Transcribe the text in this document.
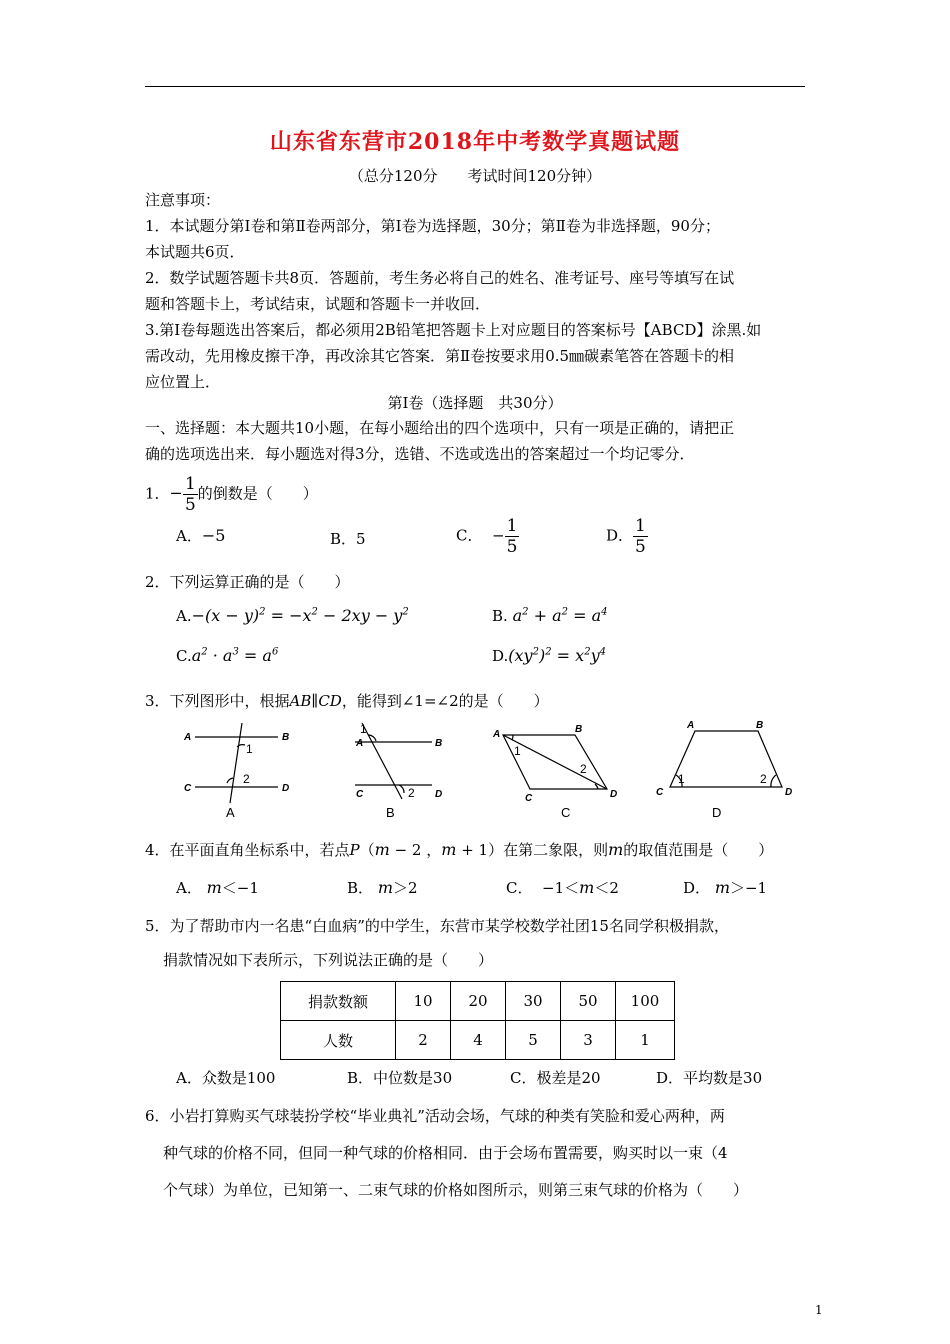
山东省东营市2018年中考数学真题试题
（总分120分　　考试时间120分钟）
注意事项：
1．本试题分第Ⅰ卷和第Ⅱ卷两部分，第Ⅰ卷为选择题，30分；第Ⅱ卷为非选择题，90分；
本试题共6页．
2．数学试题答题卡共8页．答题前，考生务必将自己的姓名、准考证号、座号等填写在试
题和答题卡上，考试结束，试题和答题卡一并收回．
3.第Ⅰ卷每题选出答案后，都必须用2B铅笔把答题卡上对应题目的答案标号【ABCD】涂黑.如
需改动，先用橡皮擦干净，再改涂其它答案．第Ⅱ卷按要求用0.5㎜碳素笔答在答题卡的相
应位置上．
第Ⅰ卷（选择题　共30分）
一、选择题：本大题共10小题，在每小题给出的四个选项中，只有一项是正确的，请把正
确的选项选出来．每小题选对得3分，选错、不选或选出的答案超过一个均记零分．
1．− $\frac{1}{5}$ 的倒数是（　　）
A．−5	B．5	C． − $\frac{1}{5}$	D． $\frac{1}{5}$
2．下列运算正确的是（　　）
$A.-(x - y)^2 = -x^2 - 2xy - y^2$	B. $a^2 + a^2 = a^4$
$C.a^2 \cdot a^3 = a^6$	$D.(xy^2)^2 = x^2y^4$
3．下列图形中，根据AB∥CD，能得到∠1=∠2的是（　　）
A	B
C	D
A	B
C	D
A	B
C	D
A	B
C	D
1
2
1
2
1
2
1	2
A	B	C	D
4．在平面直角坐标系中，若点P（m − 2 ，m + 1）在第二象限，则m的取值范围是（　　）
A． m＜−1	B． m＞2	C．  −1＜m＜2	D． m＞−1
5．为了帮助市内一名患“白血病”的中学生，东营市某学校数学社团15名同学积极捐款，
捐款情况如下表所示，下列说法正确的是（　　）
捐款数额	10	20	30	50	100
人数	2	4	5	3	1
A．众数是100	B．中位数是30	C．极差是20	D．平均数是30
6．小岩打算购买气球装扮学校“毕业典礼”活动会场，气球的种类有笑脸和爱心两种，两
种气球的价格不同，但同一种气球的价格相同．由于会场布置需要，购买时以一束（4
个气球）为单位，已知第一、二束气球的价格如图所示，则第三束气球的价格为（　　）
1
